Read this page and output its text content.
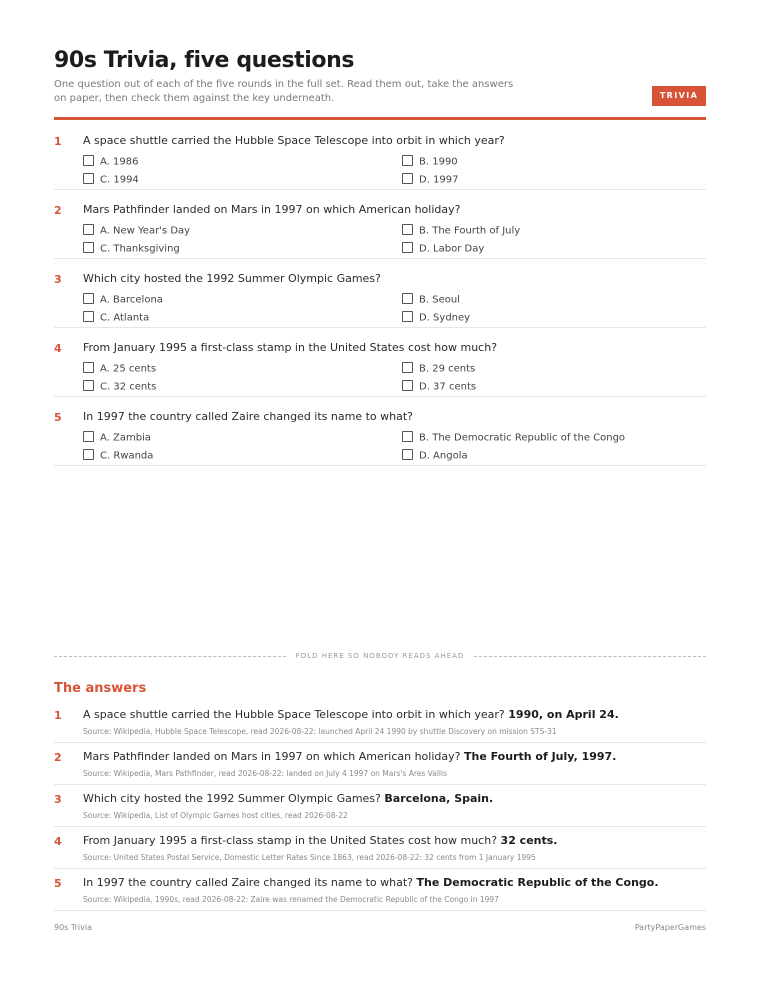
90s Trivia, five questions

One question out of each of the five rounds in the full set. Read them out, take the answers on paper, then check them against the key underneath.	TRIVIA
1 A space shuttle carried the Hubble Space Telescope into orbit in which year?
A. 1986	B. 1990
C. 1994	D. 1997
2 Mars Pathfinder landed on Mars in 1997 on which American holiday?
A. New Year's Day	B. The Fourth of July
C. Thanksgiving	D. Labor Day
3 Which city hosted the 1992 Summer Olympic Games?
A. Barcelona	B. Seoul
C. Atlanta	D. Sydney
4 From January 1995 a first-class stamp in the United States cost how much?
A. 25 cents	B. 29 cents
C. 32 cents	D. 37 cents
5 In 1997 the country called Zaire changed its name to what?
A. Zambia	B. The Democratic Republic of the Congo
C. Rwanda	D. Angola
FOLD HERE SO NOBODY READS AHEAD
The answers
1 A space shuttle carried the Hubble Space Telescope into orbit in which year? 1990, on April 24.
Source: Wikipedia, Hubble Space Telescope, read 2026-08-22: launched April 24 1990 by shuttle Discovery on mission STS-31
2 Mars Pathfinder landed on Mars in 1997 on which American holiday? The Fourth of July, 1997.
Source: Wikipedia, Mars Pathfinder, read 2026-08-22: landed on July 4 1997 on Mars's Ares Vallis
3 Which city hosted the 1992 Summer Olympic Games? Barcelona, Spain.
Source: Wikipedia, List of Olympic Games host cities, read 2026-08-22
4 From January 1995 a first-class stamp in the United States cost how much? 32 cents.
Source: United States Postal Service, Domestic Letter Rates Since 1863, read 2026-08-22: 32 cents from 1 January 1995
5 In 1997 the country called Zaire changed its name to what? The Democratic Republic of the Congo.
Source: Wikipedia, 1990s, read 2026-08-22: Zaire was renamed the Democratic Republic of the Congo in 1997
90s Trivia	PartyPaperGames
